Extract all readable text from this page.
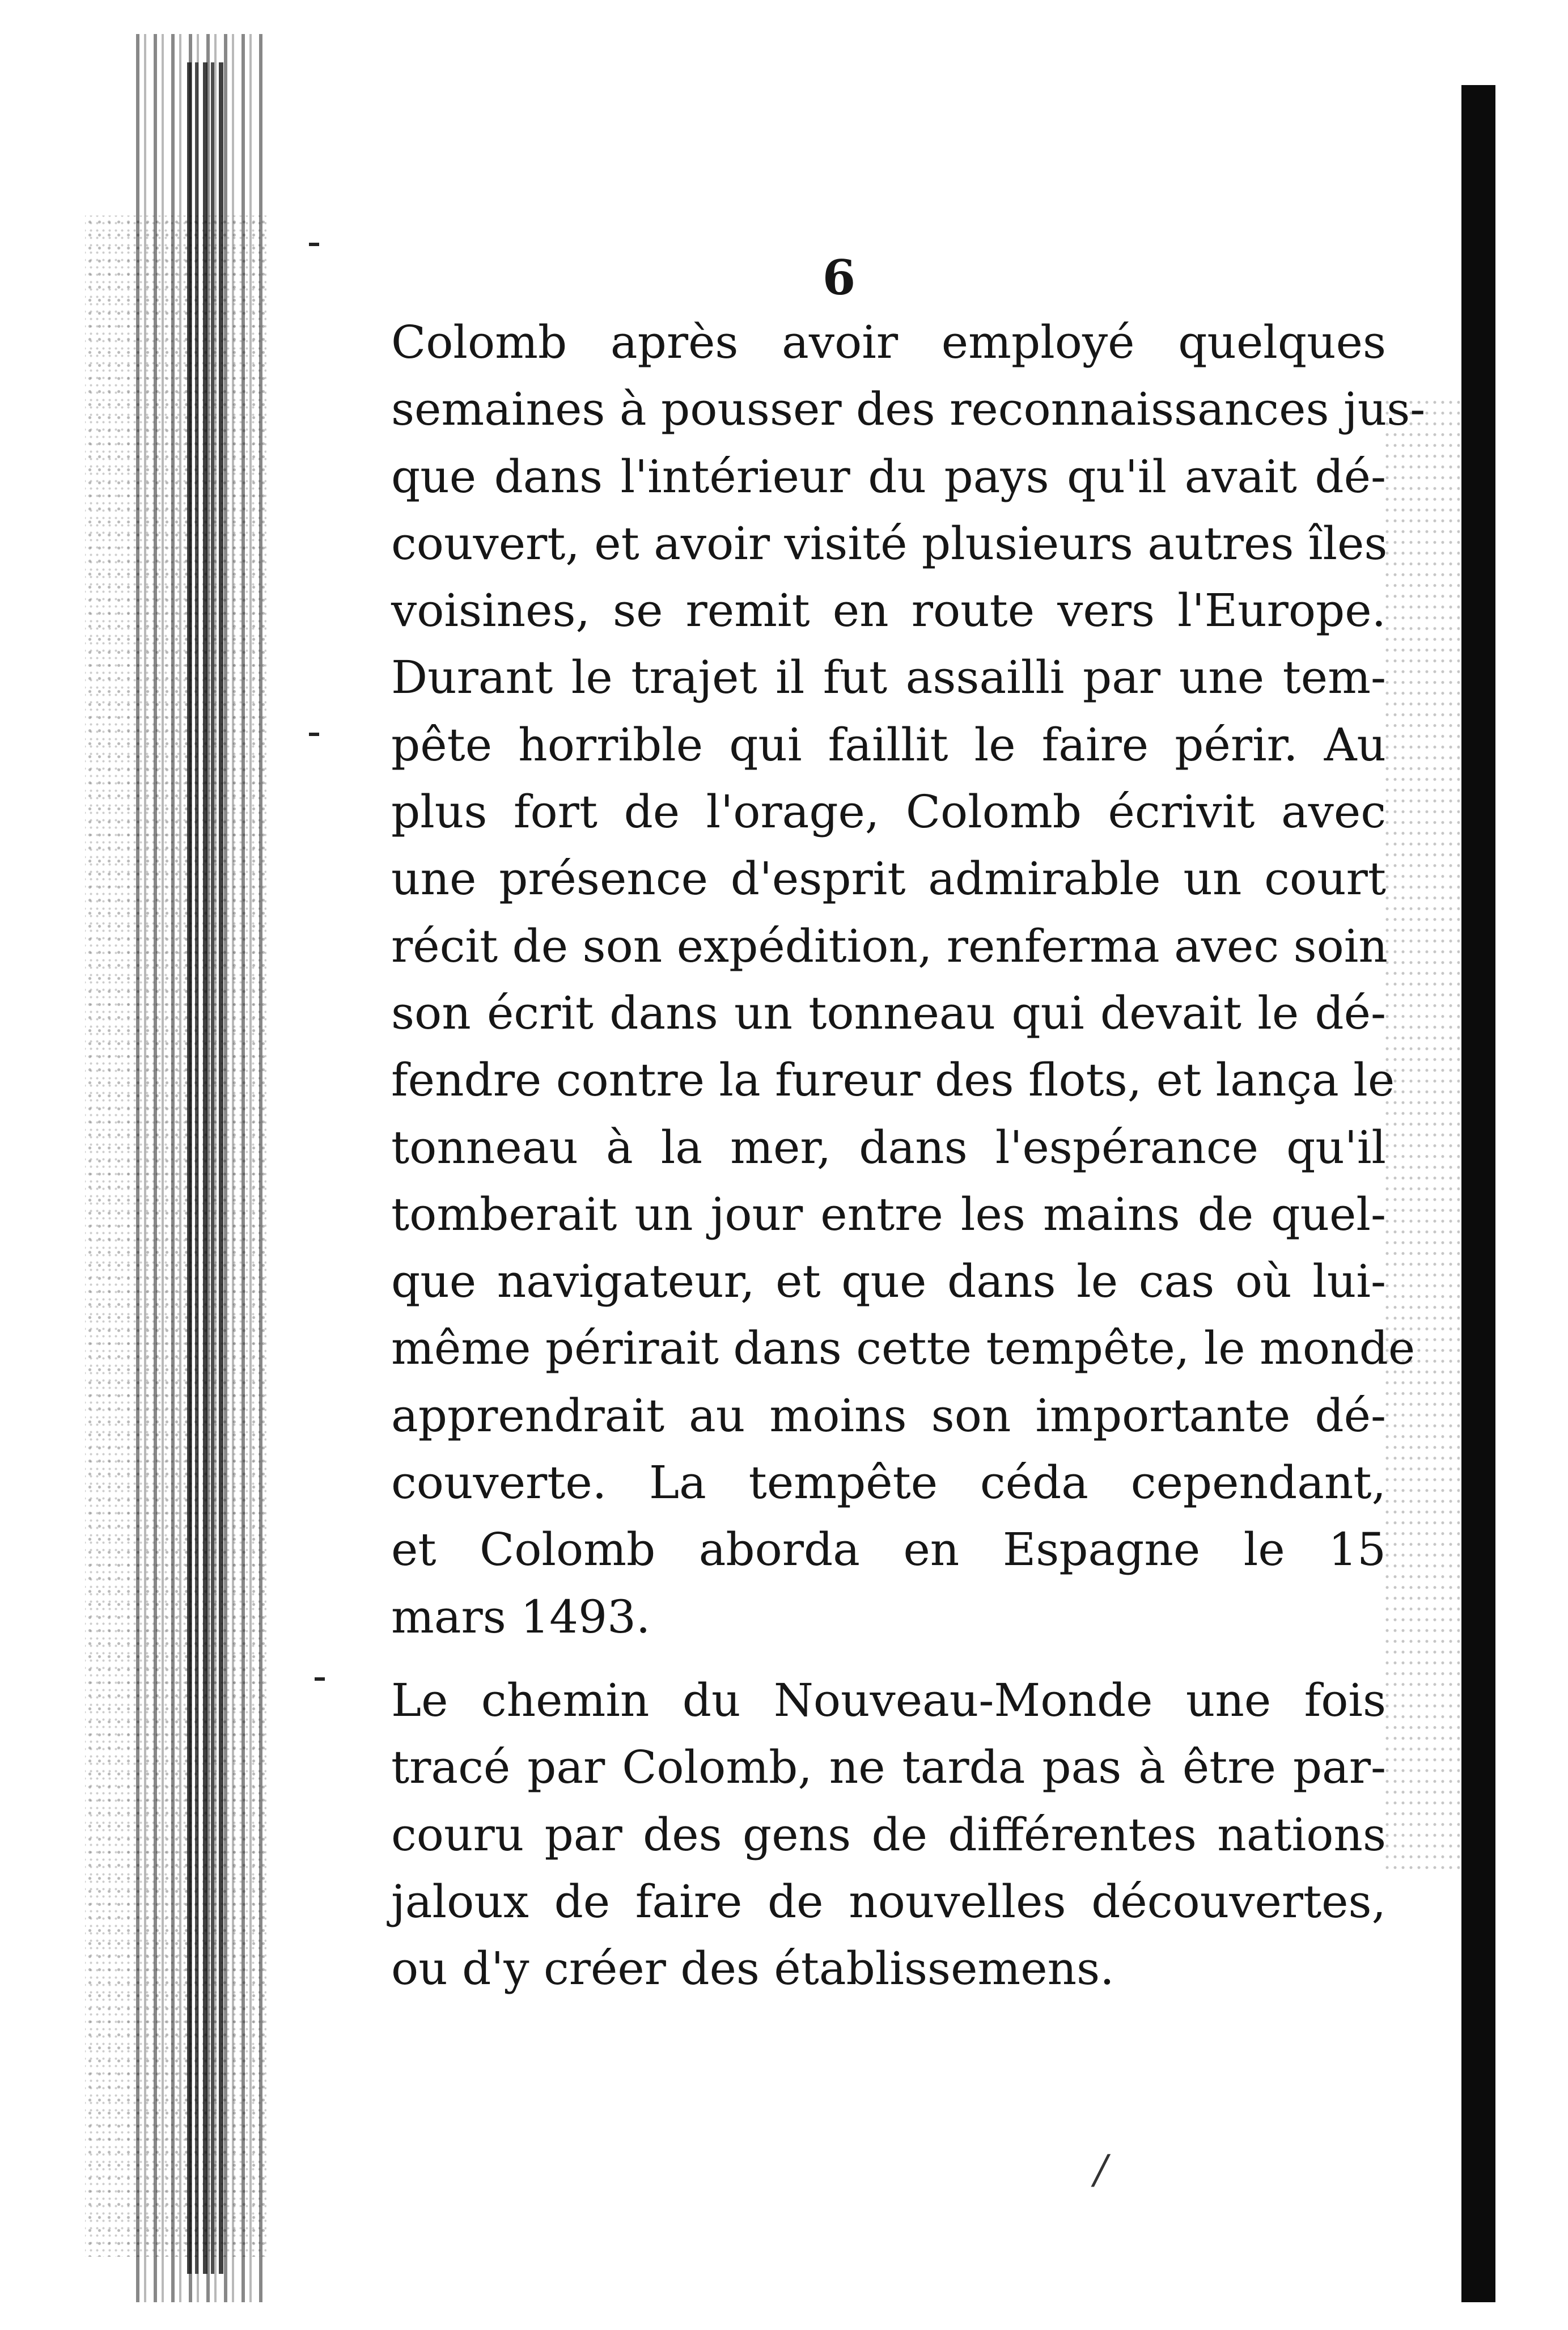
6
Colomb après avoir employé quelques
semaines à pousser des reconnaissances jus-
que dans l'intérieur du pays qu'il avait dé-
couvert, et avoir visité plusieurs autres îles
voisines, se remit en route vers l'Europe.
Durant le trajet il fut assailli par une tem-
pête horrible qui faillit le faire périr. Au
plus fort de l'orage, Colomb écrivit avec
une présence d'esprit admirable un court
récit de son expédition, renferma avec soin
son écrit dans un tonneau qui devait le dé-
fendre contre la fureur des flots, et lança le
tonneau à la mer, dans l'espérance qu'il
tomberait un jour entre les mains de quel-
que navigateur, et que dans le cas où lui-
même périrait dans cette tempête, le monde
apprendrait au moins son importante dé-
couverte. La tempête céda cependant,
et Colomb aborda en Espagne le 15
mars 1493.
Le chemin du Nouveau-Monde une fois
tracé par Colomb, ne tarda pas à être par-
couru par des gens de différentes nations
jaloux de faire de nouvelles découvertes,
ou d'y créer des établissemens.
/
